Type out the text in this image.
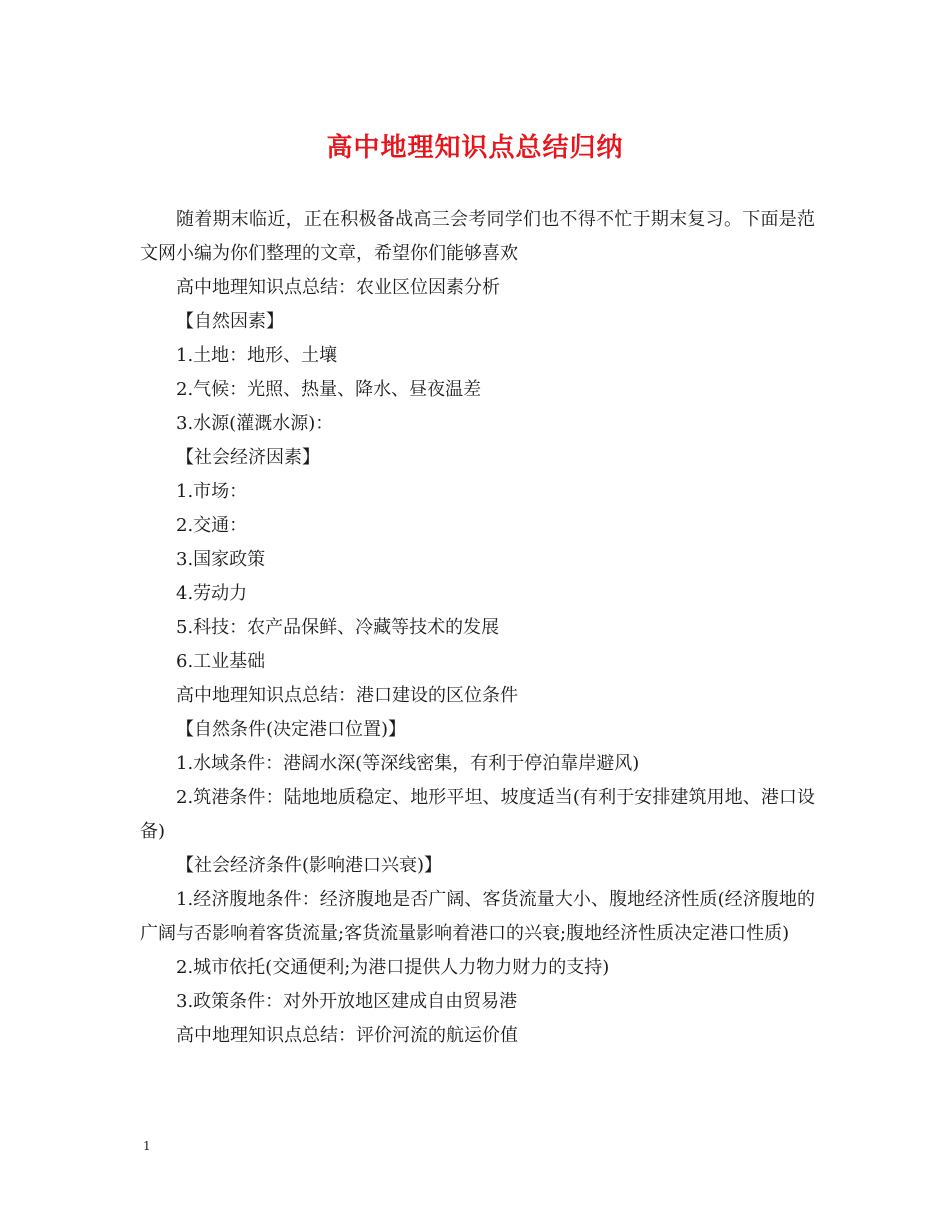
高中地理知识点总结归纳

随着期末临近，正在积极备战高三会考同学们也不得不忙于期末复习。下面是范文网小编为你们整理的文章，希望你们能够喜欢

高中地理知识点总结：农业区位因素分析

【自然因素】

1.土地：地形、土壤

2.气候：光照、热量、降水、昼夜温差

3.水源(灌溉水源)：

【社会经济因素】

1.市场：

2.交通：

3.国家政策

4.劳动力

5.科技：农产品保鲜、冷藏等技术的发展

6.工业基础

高中地理知识点总结：港口建设的区位条件

【自然条件(决定港口位置)】

1.水域条件：港阔水深(等深线密集，有利于停泊靠岸避风)

2.筑港条件：陆地地质稳定、地形平坦、坡度适当(有利于安排建筑用地、港口设备)

【社会经济条件(影响港口兴衰)】

1.经济腹地条件：经济腹地是否广阔、客货流量大小、腹地经济性质(经济腹地的广阔与否影响着客货流量;客货流量影响着港口的兴衰;腹地经济性质决定港口性质)

2.城市依托(交通便利;为港口提供人力物力财力的支持)

3.政策条件：对外开放地区建成自由贸易港

高中地理知识点总结：评价河流的航运价值

1
